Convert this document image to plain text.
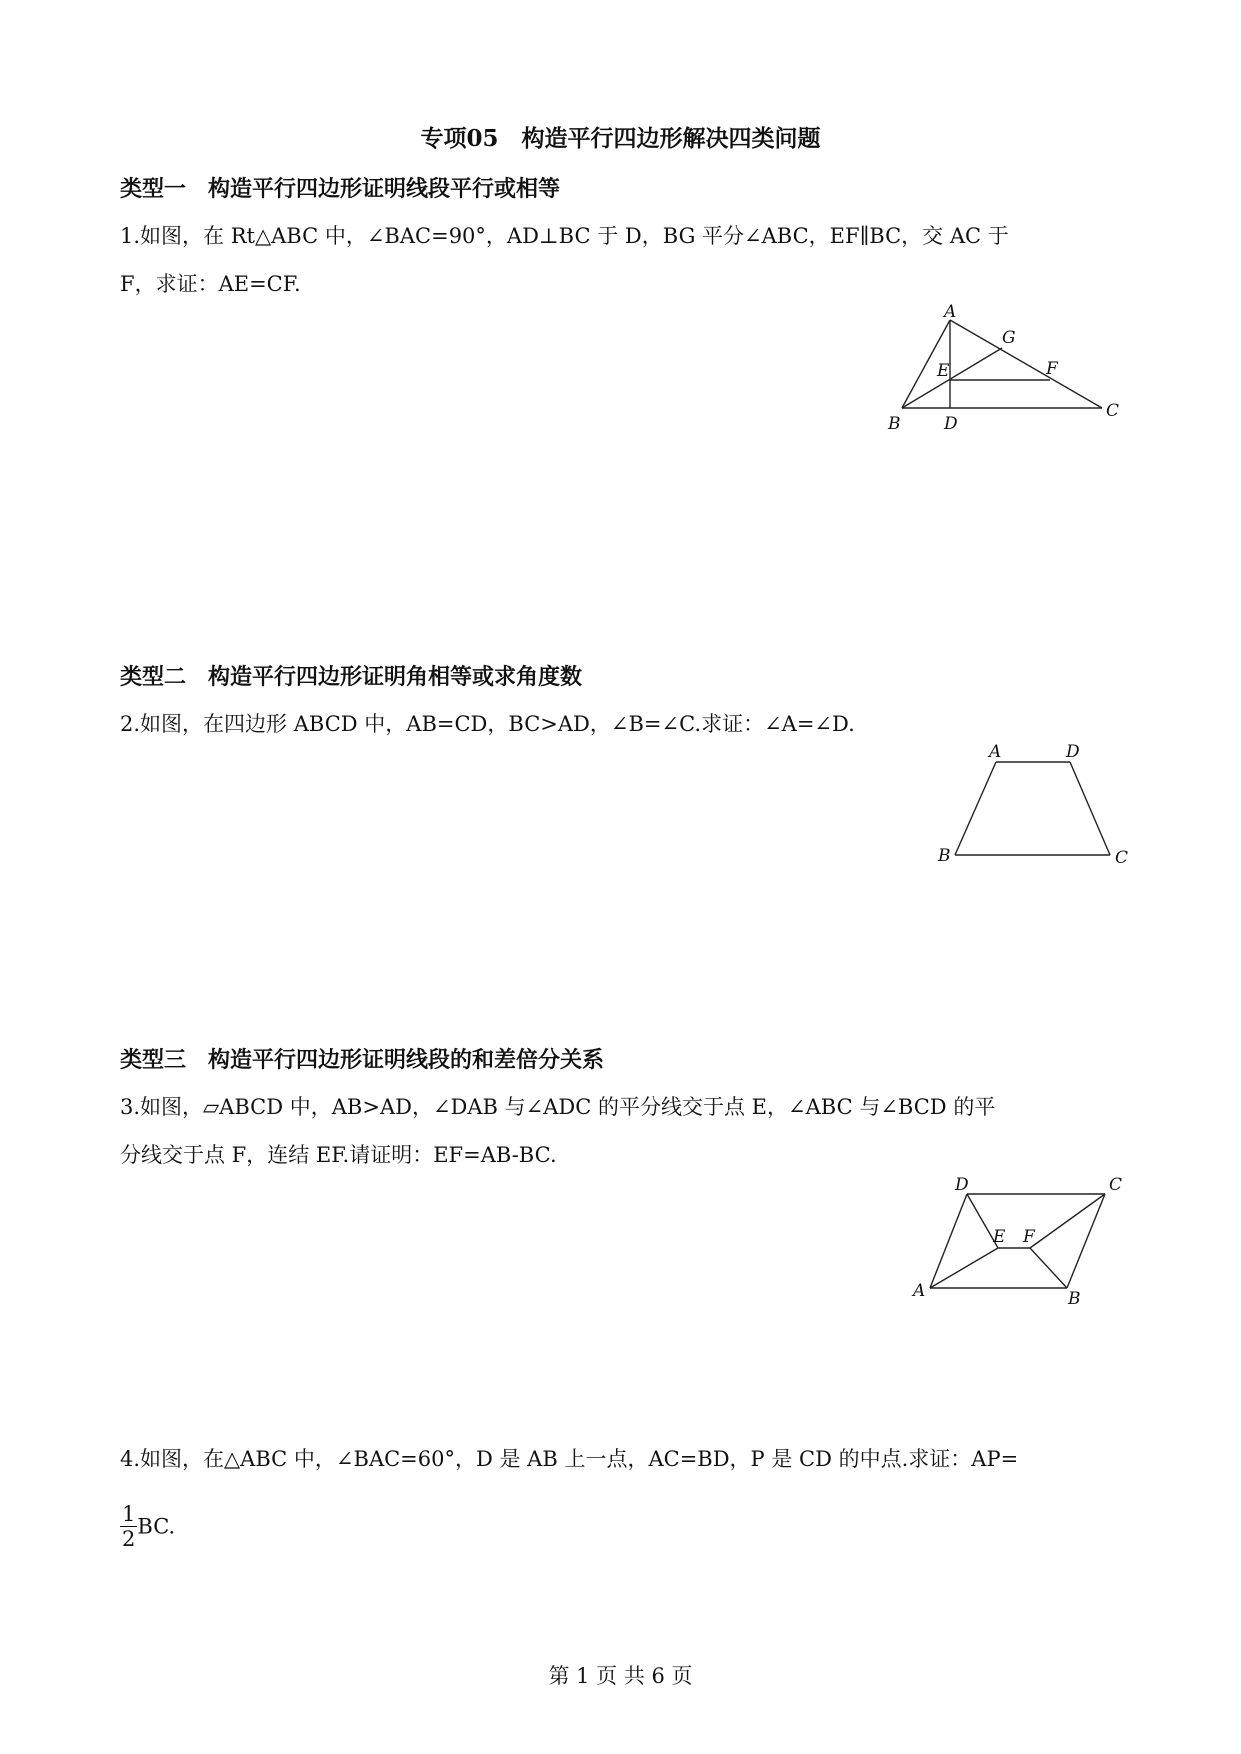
专项05　构造平行四边形解决四类问题
类型一　构造平行四边形证明线段平行或相等
1.如图，在 Rt△ABC 中，∠BAC=90°，AD⊥BC 于 D，BG 平分∠ABC，EF∥BC，交 AC 于
F，求证：AE=CF.
A
B
C
D
E	F
G
类型二　构造平行四边形证明角相等或求角度数
2.如图，在四边形 ABCD 中，AB=CD，BC>AD，∠B=∠C.求证：∠A=∠D.
A	D
B	C
类型三　构造平行四边形证明线段的和差倍分关系
3.如图，▱ABCD 中，AB>AD，∠DAB 与∠ADC 的平分线交于点 E，∠ABC 与∠BCD 的平
分线交于点 F，连结 EF.请证明：EF=AB-BC.
D	C
A	B
E F
4.如图，在△ABC 中，∠BAC=60°，D 是 AB 上一点，AC=BD，P 是 CD 的中点.求证：AP=
$\frac{1}{2}$ BC.
第 1 页 共 6 页
